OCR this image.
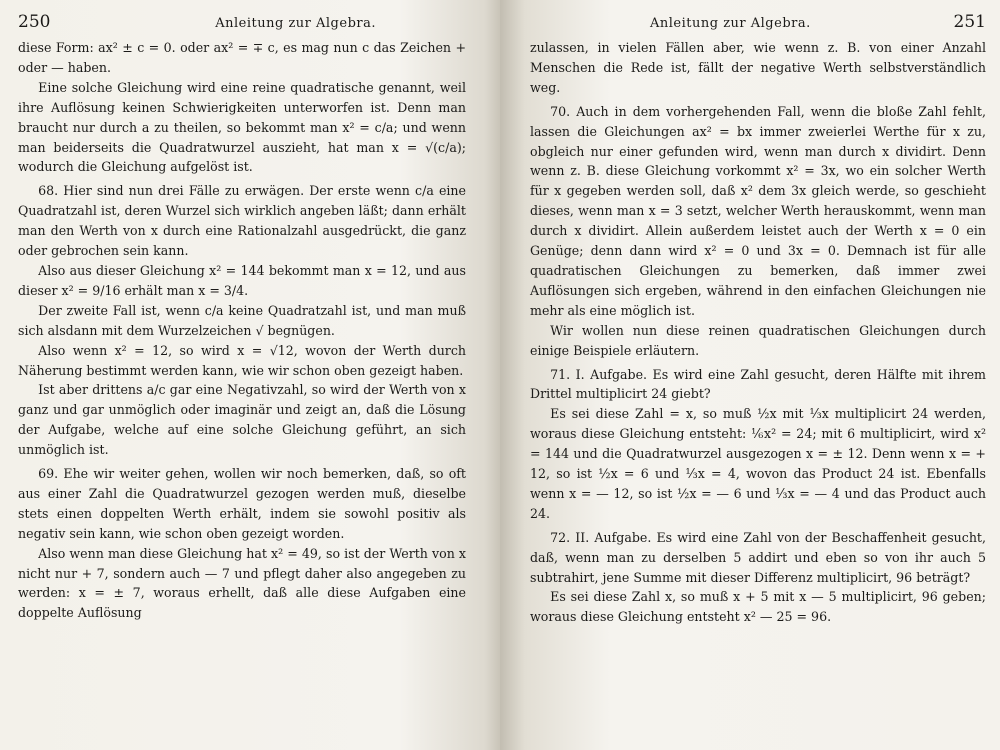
250	Anleitung zur Algebra.

diese Form: ax² ± c = 0. oder ax² = ∓ c, es mag nun c das Zeichen + oder — haben.

Eine solche Gleichung wird eine reine quadratische genannt, weil ihre Auflösung keinen Schwierigkeiten unterworfen ist. Denn man braucht nur durch a zu theilen, so bekommt man x² = c/a; und wenn man beiderseits die Quadratwurzel auszieht, hat man x = √(c/a); wodurch die Gleichung aufgelöst ist.

68. Hier sind nun drei Fälle zu erwägen. Der erste wenn c/a eine Quadratzahl ist, deren Wurzel sich wirklich angeben läßt; dann erhält man den Werth von x durch eine Rationalzahl ausgedrückt, die ganz oder gebrochen sein kann.

Also aus dieser Gleichung x² = 144 bekommt man x = 12, und aus dieser x² = 9/16 erhält man x = 3/4.

Der zweite Fall ist, wenn c/a keine Quadratzahl ist, und man muß sich alsdann mit dem Wurzelzeichen √ begnügen.

Also wenn x² = 12, so wird x = √12, wovon der Werth durch Näherung bestimmt werden kann, wie wir schon oben gezeigt haben.

Ist aber drittens a/c gar eine Negativzahl, so wird der Werth von x ganz und gar unmöglich oder imaginär und zeigt an, daß die Lösung der Aufgabe, welche auf eine solche Gleichung geführt, an sich unmöglich ist.

69. Ehe wir weiter gehen, wollen wir noch bemerken, daß, so oft aus einer Zahl die Quadratwurzel gezogen werden muß, dieselbe stets einen doppelten Werth erhält, indem sie sowohl positiv als negativ sein kann, wie schon oben gezeigt worden.

Also wenn man diese Gleichung hat x² = 49, so ist der Werth von x nicht nur + 7, sondern auch — 7 und pflegt daher also angegeben zu werden: x = ± 7, woraus erhellt, daß alle diese Aufgaben eine doppelte Auflösung

Anleitung zur Algebra.	251

zulassen, in vielen Fällen aber, wie wenn z. B. von einer Anzahl Menschen die Rede ist, fällt der negative Werth selbstverständlich weg.

70. Auch in dem vorhergehenden Fall, wenn die bloße Zahl fehlt, lassen die Gleichungen ax² = bx immer zweierlei Werthe für x zu, obgleich nur einer gefunden wird, wenn man durch x dividirt. Denn wenn z. B. diese Gleichung vorkommt x² = 3x, wo ein solcher Werth für x gegeben werden soll, daß x² dem 3x gleich werde, so geschieht dieses, wenn man x = 3 setzt, welcher Werth herauskommt, wenn man durch x dividirt. Allein außerdem leistet auch der Werth x = 0 ein Genüge; denn dann wird x² = 0 und 3x = 0. Demnach ist für alle quadratischen Gleichungen zu bemerken, daß immer zwei Auflösungen sich ergeben, während in den einfachen Gleichungen nie mehr als eine möglich ist.

Wir wollen nun diese reinen quadratischen Gleichungen durch einige Beispiele erläutern.

71. I. Aufgabe. Es wird eine Zahl gesucht, deren Hälfte mit ihrem Drittel multiplicirt 24 giebt?

Es sei diese Zahl = x, so muß ½x mit ⅓x multiplicirt 24 werden, woraus diese Gleichung entsteht: ⅙x² = 24; mit 6 multiplicirt, wird x² = 144 und die Quadratwurzel ausgezogen x = ± 12. Denn wenn x = + 12, so ist ½x = 6 und ⅓x = 4, wovon das Product 24 ist. Ebenfalls wenn x = — 12, so ist ½x = — 6 und ⅓x = — 4 und das Product auch 24.

72. II. Aufgabe. Es wird eine Zahl von der Beschaffenheit gesucht, daß, wenn man zu derselben 5 addirt und eben so von ihr auch 5 subtrahirt, jene Summe mit dieser Differenz multiplicirt, 96 beträgt?

Es sei diese Zahl x, so muß x + 5 mit x — 5 multiplicirt, 96 geben; woraus diese Gleichung entsteht x² — 25 = 96.
